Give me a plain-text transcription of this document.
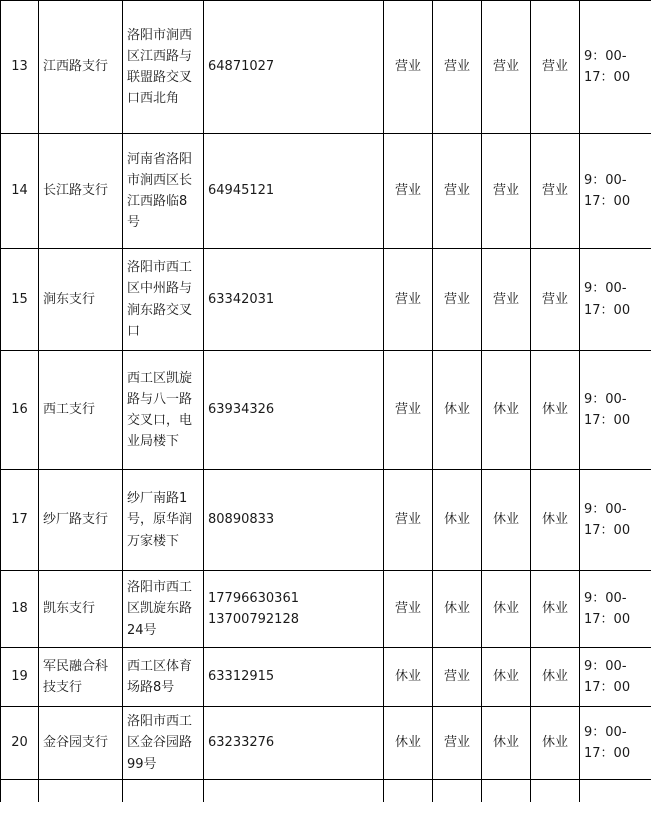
13	江西路支行	洛阳市涧西区江西路与联盟路交叉口西北角	64871027	营业	营业	营业	营业	9：00-
17：00

14	长江路支行	河南省洛阳市涧西区长江西路临8号	64945121	营业	营业	营业	营业	9：00-
17：00

15	涧东支行	洛阳市西工区中州路与涧东路交叉口	63342031	营业	营业	营业	营业	9：00-
17：00

16	西工支行	西工区凯旋路与八一路交叉口，电业局楼下	63934326	营业	休业	休业	休业	9：00-
17：00

17	纱厂路支行	纱厂南路1号，原华润万家楼下	80890833	营业	休业	休业	休业	9：00-
17：00

18	凯东支行	洛阳市西工区凯旋东路24号	17796630361
13700792128	营业	休业	休业	休业	9：00-
17：00

19	军民融合科技支行	西工区体育场路8号	63312915	休业	营业	休业	休业	9：00-
17：00

20	金谷园支行	洛阳市西工区金谷园路99号	63233276	休业	营业	休业	休业	9：00-
17：00
